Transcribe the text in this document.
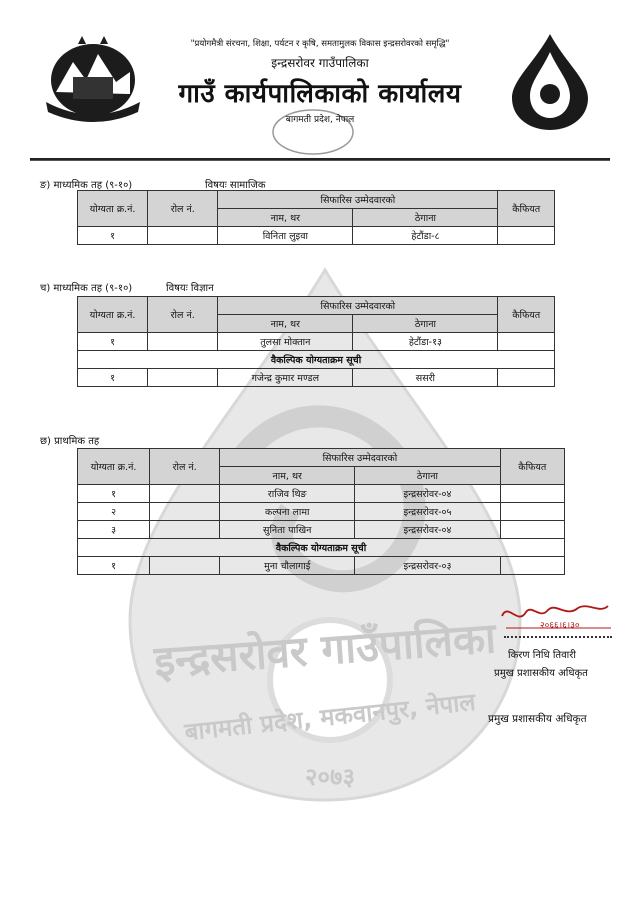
इन्द्रसरोवर गाउँपालिका
बागमती प्रदेश, मकवानपुर, नेपाल
२०७३
"प्रयोगमैत्री संरचना, शिक्षा, पर्यटन र कृषि, समतामुलक विकास इन्द्रसरोवरको समृद्धि"
इन्द्रसरोवर गाउँपालिका
गाउँ कार्यपालिकाको कार्यालय
बागमती प्रदेश, नेपाल
ङ) माध्यमिक तह (९-१०)	विषयः सामाजिक
योग्यता क्र.नं.	रोल नं.	सिफारिस उम्मेदवारको		कैफियत
		नाम, थर	ठेगाना	
१		विनिता लुइवा	हेटौंडा-८	
च) माध्यमिक तह (९-१०)	विषयः विज्ञान
योग्यता क्र.नं.	रोल नं.	सिफारिस उम्मेदवारको		कैफियत
		नाम, थर	ठेगाना	
१		तुलसा मोक्तान	हेटौंडा-१३	
वैकल्पिक योग्यताक्रम सूची				
१		गजेन्द्र कुमार मण्डल	ससरी	
छ) प्राथमिक तह
योग्यता क्र.नं.	रोल नं.	सिफारिस उम्मेदवारको		कैफियत
		नाम, थर	ठेगाना	
१		राजिव थिङ	इन्द्रसरोवर-०४	
२		कल्पना लामा	इन्द्रसरोवर-०५	
३		सुनिता पाखिन	इन्द्रसरोवर-०४	
वैकल्पिक योग्यताक्रम सूची				
१		मुना चौलागाई	इन्द्रसरोवर-०३	
२०६६।६।३०
किरण निधि तिवारी
प्रमुख प्रशासकीय अधिकृत
प्रमुख प्रशासकीय अधिकृत
